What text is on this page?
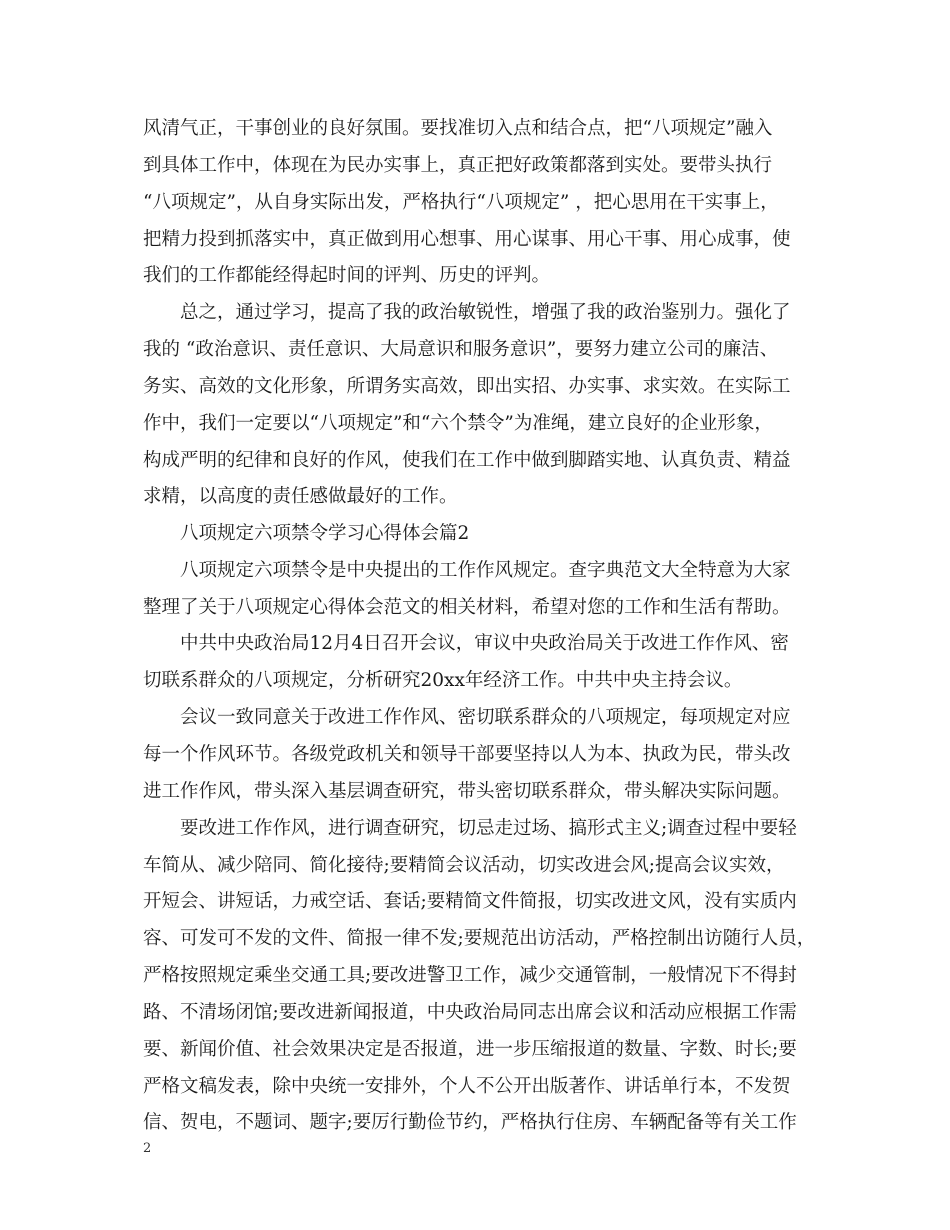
风清气正，干事创业的良好氛围。要找准切入点和结合点，把“八项规定”融入
到具体工作中，体现在为民办实事上，真正把好政策都落到实处。要带头执行
“八项规定”，从自身实际出发，严格执行“八项规定” ，把心思用在干实事上，
把精力投到抓落实中，真正做到用心想事、用心谋事、用心干事、用心成事，使
我们的工作都能经得起时间的评判、历史的评判。
总之，通过学习，提高了我的政治敏锐性，增强了我的政治鉴别力。强化了
我的 “政治意识、责任意识、大局意识和服务意识”，要努力建立公司的廉洁、
务实、高效的文化形象，所谓务实高效，即出实招、办实事、求实效。在实际工
作中，我们一定要以“八项规定”和“六个禁令”为准绳，建立良好的企业形象，
构成严明的纪律和良好的作风，使我们在工作中做到脚踏实地、认真负责、精益
求精，以高度的责任感做最好的工作。
八项规定六项禁令学习心得体会篇2
八项规定六项禁令是中央提出的工作作风规定。查字典范文大全特意为大家
整理了关于八项规定心得体会范文的相关材料，希望对您的工作和生活有帮助。
中共中央政治局12月4日召开会议，审议中央政治局关于改进工作作风、密
切联系群众的八项规定，分析研究20xx年经济工作。中共中央主持会议。
会议一致同意关于改进工作作风、密切联系群众的八项规定，每项规定对应
每一个作风环节。各级党政机关和领导干部要坚持以人为本、执政为民，带头改
进工作作风，带头深入基层调查研究，带头密切联系群众，带头解决实际问题。
要改进工作作风，进行调查研究，切忌走过场、搞形式主义;调查过程中要轻
车简从、减少陪同、简化接待;要精简会议活动，切实改进会风;提高会议实效，
开短会、讲短话，力戒空话、套话;要精简文件简报，切实改进文风，没有实质内
容、可发可不发的文件、简报一律不发;要规范出访活动，严格控制出访随行人员，
严格按照规定乘坐交通工具;要改进警卫工作，减少交通管制，一般情况下不得封
路、不清场闭馆;要改进新闻报道，中央政治局同志出席会议和活动应根据工作需
要、新闻价值、社会效果决定是否报道，进一步压缩报道的数量、字数、时长;要
严格文稿发表，除中央统一安排外，个人不公开出版著作、讲话单行本，不发贺
信、贺电，不题词、题字;要厉行勤俭节约，严格执行住房、车辆配备等有关工作
2
